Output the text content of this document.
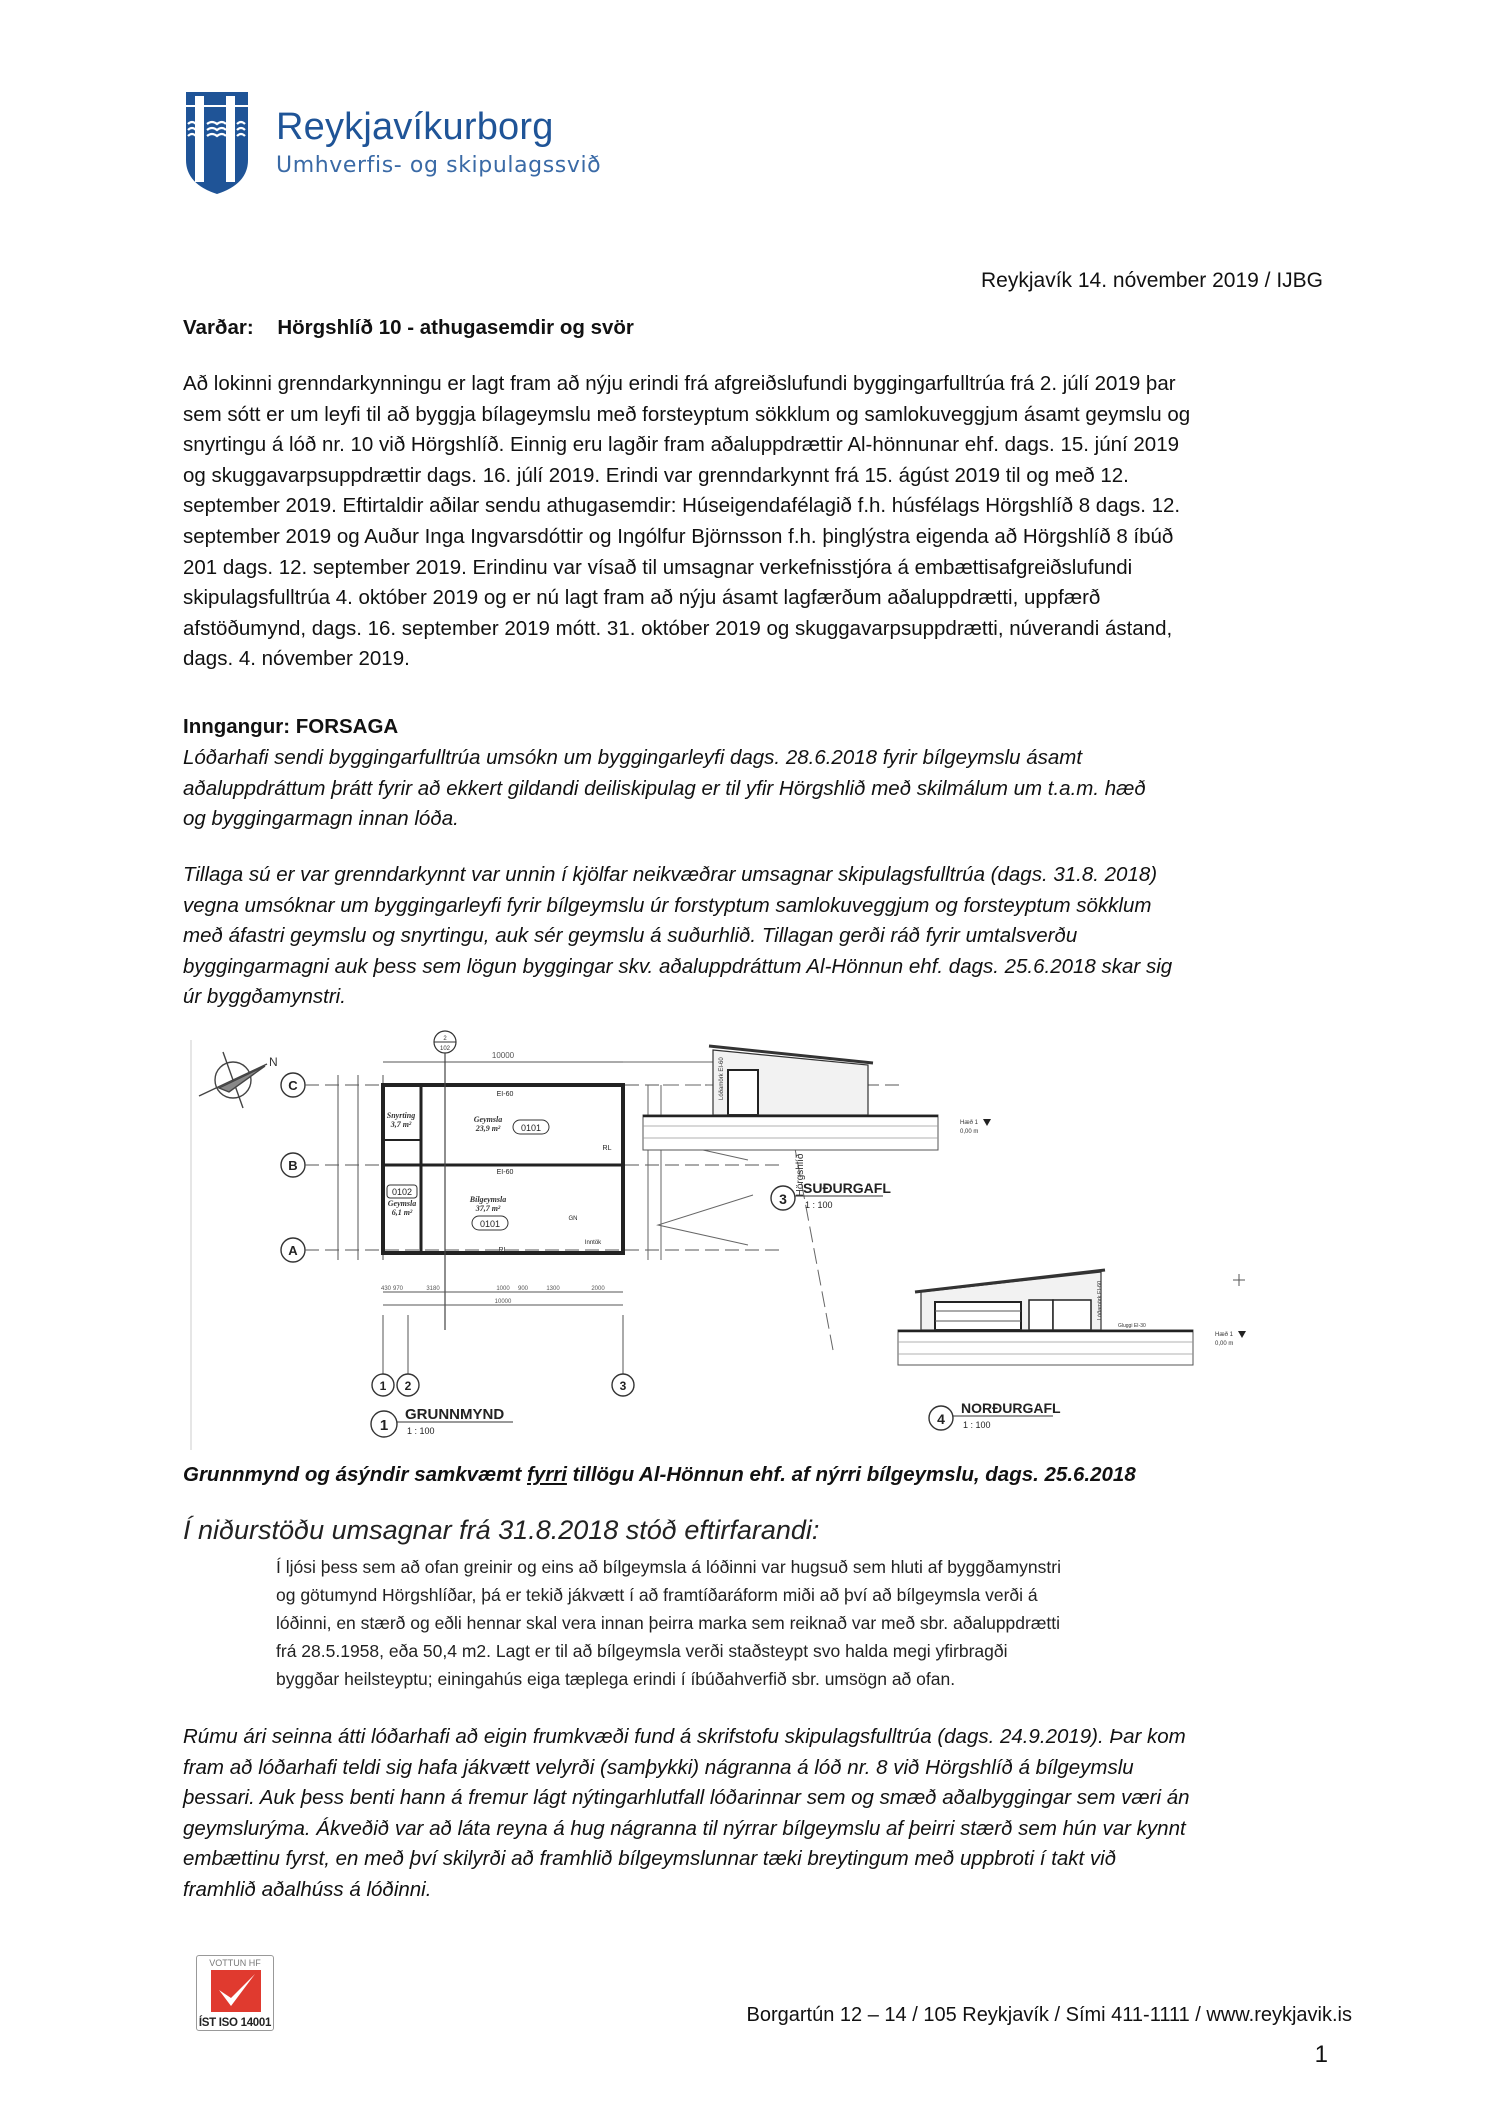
Reykjavíkurborg
Umhverfis- og skipulagssvið
Reykjavík 14. nóvember 2019 / IJBG
Varðar: Hörgshlíð 10 - athugasemdir og svör
Að lokinni grenndarkynningu er lagt fram að nýju erindi frá afgreiðslufundi byggingarfulltrúa frá 2. júlí 2019 þar
sem sótt er um leyfi til að byggja bílageymslu með forsteyptum sökklum og samlokuveggjum ásamt geymslu og
snyrtingu á lóð nr. 10 við Hörgshlíð. Einnig eru lagðir fram aðaluppdrættir Al-hönnunar ehf. dags. 15. júní 2019
og skuggavarpsuppdrættir dags. 16. júlí 2019. Erindi var grenndarkynnt frá 15. ágúst 2019 til og með 12.
september 2019. Eftirtaldir aðilar sendu athugasemdir: Húseigendafélagið f.h. húsfélags Hörgshlíð 8 dags. 12.
september 2019 og Auður Inga Ingvarsdóttir og Ingólfur Björnsson f.h. þinglýstra eigenda að Hörgshlíð 8 íbúð
201 dags. 12. september 2019. Erindinu var vísað til umsagnar verkefnisstjóra á embættisafgreiðslufundi
skipulagsfulltrúa 4. október 2019 og er nú lagt fram að nýju ásamt lagfærðum aðaluppdrætti, uppfærð
afstöðumynd, dags. 16. september 2019 mótt. 31. október 2019 og skuggavarpsuppdrætti, núverandi ástand,
dags. 4. nóvember 2019.
Inngangur: FORSAGA
Lóðarhafi sendi byggingarfulltrúa umsókn um byggingarleyfi dags. 28.6.2018 fyrir bílgeymslu ásamt
aðaluppdráttum þrátt fyrir að ekkert gildandi deiliskipulag er til yfir Hörgshlið með skilmálum um t.a.m. hæð
og byggingarmagn innan lóða.
Tillaga sú er var grenndarkynnt var unnin í kjölfar neikvæðrar umsagnar skipulagsfulltrúa (dags. 31.8. 2018)
vegna umsóknar um byggingarleyfi fyrir bílgeymslu úr forstyptum samlokuveggjum og forsteyptum sökklum
með áfastri geymslu og snyrtingu, auk sér geymslu á suðurhlið. Tillagan gerði ráð fyrir umtalsverðu
byggingarmagni auk þess sem lögun byggingar skv. aðaluppdráttum Al-Hönnun ehf. dags. 25.6.2018 skar sig
úr byggðamynstri.
N
C
B
A
10000
2
102
Snyrting
3,7 m²
Geymsla
23,9 m²
Geymsla
6,1 m²
Bílgeymsla
37,7 m²
0101
0101
0102
EI-60
EI-60
RL
RL
GN
Inntök
430 970	3180	1000 900	1300	2000
10000
1 2	3
1
GRUNNMYND
1 : 100
Hörgshlíð
Lóðamörk EI-60
Hæð 1
0,00 m
3
SUÐURGAFL
1 : 100
Lóðamörk EI-60
Gluggi EI-30
Hæð 1
0,00 m
4
NORÐURGAFL
1 : 100
Grunnmynd og ásýndir samkvæmt fyrri tillögu Al-Hönnun ehf. af nýrri bílgeymslu, dags. 25.6.2018
Í niðurstöðu umsagnar frá 31.8.2018 stóð eftirfarandi:
Í ljósi þess sem að ofan greinir og eins að bílgeymsla á lóðinni var hugsuð sem hluti af byggðamynstri
og götumynd Hörgshlíðar, þá er tekið jákvætt í að framtíðaráform miði að því að bílgeymsla verði á
lóðinni, en stærð og eðli hennar skal vera innan þeirra marka sem reiknað var með sbr. aðaluppdrætti
frá 28.5.1958, eða 50,4 m2. Lagt er til að bílgeymsla verði staðsteypt svo halda megi yfirbragði
byggðar heilsteyptu; einingahús eiga tæplega erindi í íbúðahverfið sbr. umsögn að ofan.
Rúmu ári seinna átti lóðarhafi að eigin frumkvæði fund á skrifstofu skipulagsfulltrúa (dags. 24.9.2019). Þar kom
fram að lóðarhafi teldi sig hafa jákvætt velyrði (samþykki) nágranna á lóð nr. 8 við Hörgshlíð á bílgeymslu
þessari. Auk þess benti hann á fremur lágt nýtingarhlutfall lóðarinnar sem og smæð aðalbyggingar sem væri án
geymslurýma. Ákveðið var að láta reyna á hug nágranna til nýrrar bílgeymslu af þeirri stærð sem hún var kynnt
embættinu fyrst, en með því skilyrði að framhlið bílgeymslunnar tæki breytingum með uppbroti í takt við
framhlið aðalhúss á lóðinni.
VOTTUN HF
ÍST ISO 14001	Borgartún 12 – 14 / 105 Reykjavík / Sími 411-1111 / www.reykjavik.is
1
